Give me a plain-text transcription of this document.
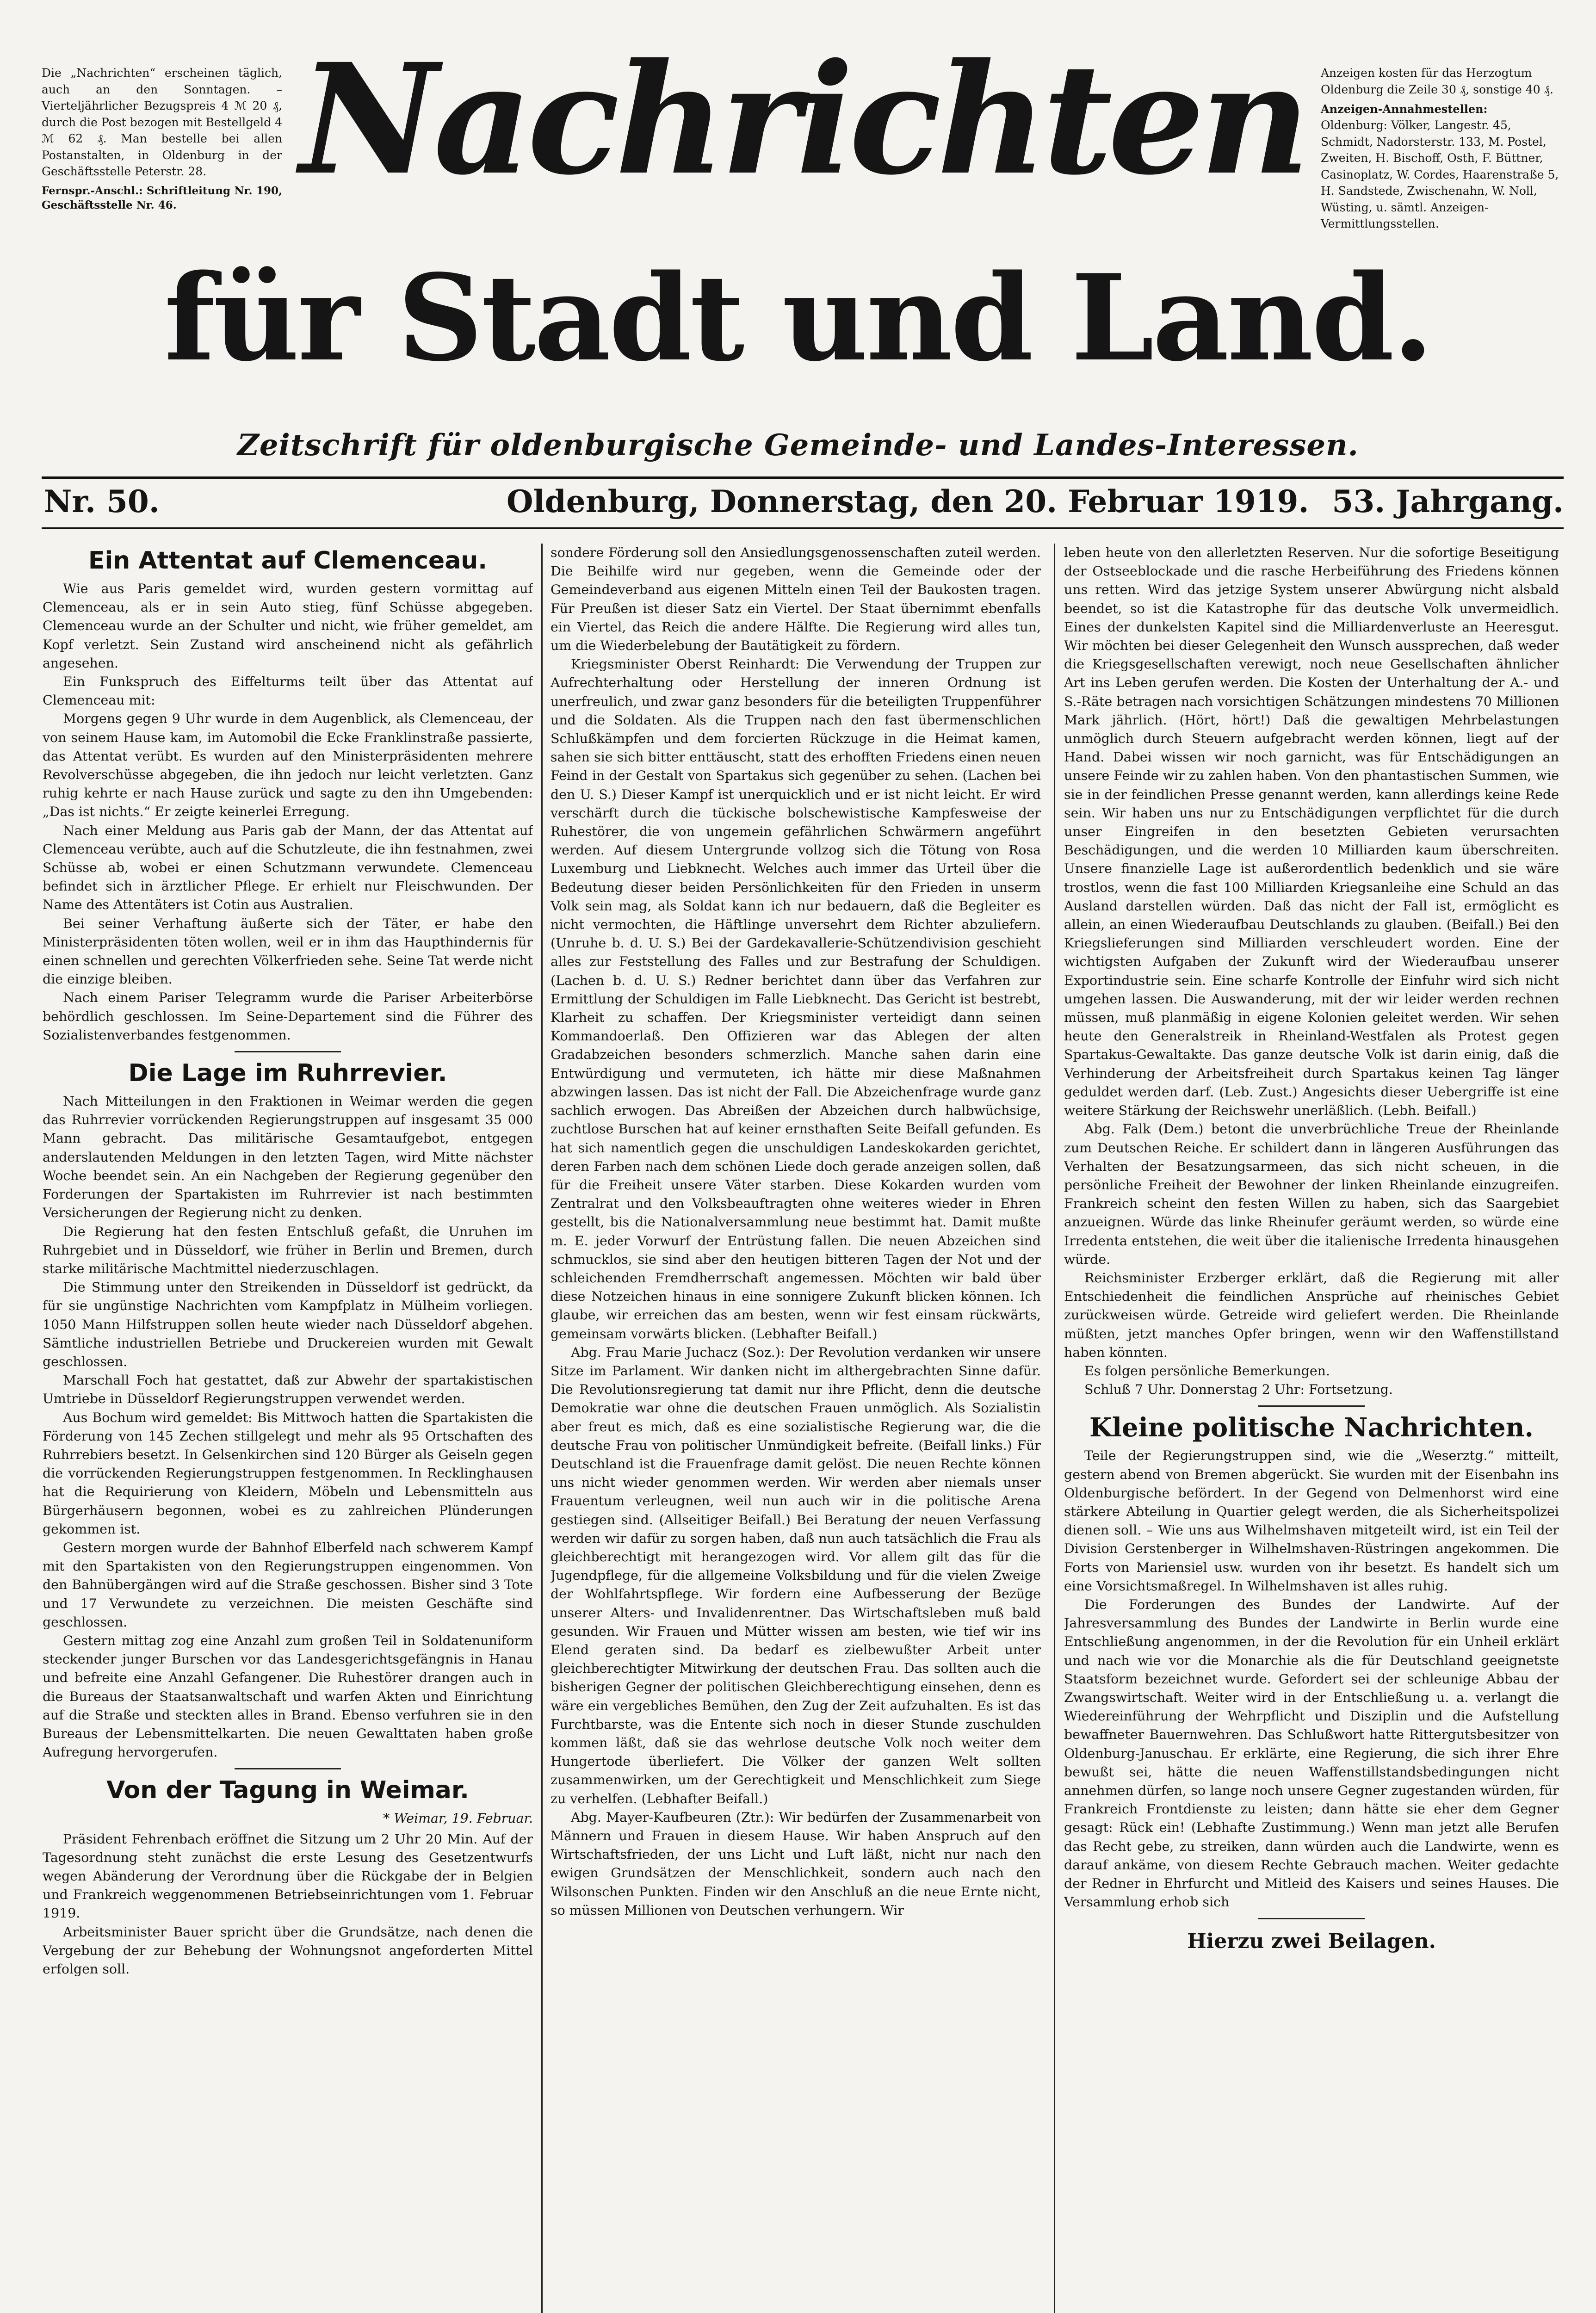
Die „Nachrichten“ erscheinen täglich, auch an den Sonntagen. – Vierteljährlicher Bezugspreis 4 ℳ 20 ₰, durch die Post bezogen mit Bestellgeld 4 ℳ 62 ₰. Man bestelle bei allen Postanstalten, in Oldenburg in der Geschäftsstelle Peterstr. 28.
Fernspr.-Anschl.: Schriftleitung Nr. 190, Geschäftsstelle Nr. 46. Nachrichten
für Stadt und Land.
Anzeigen kosten für das Herzogtum Oldenburg die Zeile 30 ₰, sonstige 40 ₰.
Anzeigen-Annahmestellen:
Oldenburg: Völker, Langestr. 45, Schmidt, Nadorsterstr. 133, M. Postel, Zweiten, H. Bischoff, Osth, F. Büttner, Casinoplatz, W. Cordes, Haarenstraße 5, H. Sandstede, Zwischenahn, W. Noll, Wüsting, u. sämtl. Anzeigen-Vermittlungsstellen.
Zeitschrift für oldenburgische Gemeinde- und Landes-Interessen.
Nr. 50.	Oldenburg, Donnerstag, den 20. Februar 1919. 53. Jahrgang.
Ein Attentat auf Clemenceau.

Wie aus Paris gemeldet wird, wurden gestern vormittag auf Clemenceau, als er in sein Auto stieg, fünf Schüsse abgegeben. Clemenceau wurde an der Schulter und nicht, wie früher gemeldet, am Kopf verletzt. Sein Zustand wird anscheinend nicht als gefährlich angesehen.

Ein Funkspruch des Eiffelturms teilt über das Attentat auf Clemenceau mit:

Morgens gegen 9 Uhr wurde in dem Augenblick, als Clemenceau, der von seinem Hause kam, im Automobil die Ecke Franklinstraße passierte, das Attentat verübt. Es wurden auf den Ministerpräsidenten mehrere Revolverschüsse abgegeben, die ihn jedoch nur leicht verletzten. Ganz ruhig kehrte er nach Hause zurück und sagte zu den ihn Umgebenden: „Das ist nichts.“ Er zeigte keinerlei Erregung.

Nach einer Meldung aus Paris gab der Mann, der das Attentat auf Clemenceau verübte, auch auf die Schutzleute, die ihn festnahmen, zwei Schüsse ab, wobei er einen Schutzmann verwundete. Clemenceau befindet sich in ärztlicher Pflege. Er erhielt nur Fleischwunden. Der Name des Attentäters ist Cotin aus Australien.

Bei seiner Verhaftung äußerte sich der Täter, er habe den Ministerpräsidenten töten wollen, weil er in ihm das Haupthindernis für einen schnellen und gerechten Völkerfrieden sehe. Seine Tat werde nicht die einzige bleiben.

Nach einem Pariser Telegramm wurde die Pariser Arbeiterbörse behördlich geschlossen. Im Seine-Departement sind die Führer des Sozialistenverbandes festgenommen.

Die Lage im Ruhrrevier.

Nach Mitteilungen in den Fraktionen in Weimar werden die gegen das Ruhrrevier vorrückenden Regierungstruppen auf insgesamt 35 000 Mann gebracht. Das militärische Gesamtaufgebot, entgegen anderslautenden Meldungen in den letzten Tagen, wird Mitte nächster Woche beendet sein. An ein Nachgeben der Regierung gegenüber den Forderungen der Spartakisten im Ruhrrevier ist nach bestimmten Versicherungen der Regierung nicht zu denken.

Die Regierung hat den festen Entschluß gefaßt, die Unruhen im Ruhrgebiet und in Düsseldorf, wie früher in Berlin und Bremen, durch starke militärische Machtmittel niederzuschlagen.

Die Stimmung unter den Streikenden in Düsseldorf ist gedrückt, da für sie ungünstige Nachrichten vom Kampfplatz in Mülheim vorliegen. 1050 Mann Hilfstruppen sollen heute wieder nach Düsseldorf abgehen. Sämtliche industriellen Betriebe und Druckereien wurden mit Gewalt geschlossen.

Marschall Foch hat gestattet, daß zur Abwehr der spartakistischen Umtriebe in Düsseldorf Regierungstruppen verwendet werden.

Aus Bochum wird gemeldet: Bis Mittwoch hatten die Spartakisten die Förderung von 145 Zechen stillgelegt und mehr als 95 Ortschaften des Ruhrrebiers besetzt. In Gelsenkirchen sind 120 Bürger als Geiseln gegen die vorrückenden Regierungstruppen festgenommen. In Recklinghausen hat die Requirierung von Kleidern, Möbeln und Lebensmitteln aus Bürgerhäusern begonnen, wobei es zu zahlreichen Plünderungen gekommen ist.

Gestern morgen wurde der Bahnhof Elberfeld nach schwerem Kampf mit den Spartakisten von den Regierungstruppen eingenommen. Von den Bahnübergängen wird auf die Straße geschossen. Bisher sind 3 Tote und 17 Verwundete zu verzeichnen. Die meisten Geschäfte sind geschlossen.

Gestern mittag zog eine Anzahl zum großen Teil in Soldatenuniform steckender junger Burschen vor das Landesgerichtsgefängnis in Hanau und befreite eine Anzahl Gefangener. Die Ruhestörer drangen auch in die Bureaus der Staatsanwaltschaft und warfen Akten und Einrichtung auf die Straße und steckten alles in Brand. Ebenso verfuhren sie in den Bureaus der Lebensmittelkarten. Die neuen Gewalttaten haben große Aufregung hervorgerufen.

Von der Tagung in Weimar.
* Weimar, 19. Februar.

Präsident Fehrenbach eröffnet die Sitzung um 2 Uhr 20 Min. Auf der Tagesordnung steht zunächst die erste Lesung des Gesetzentwurfs wegen Abänderung der Verordnung über die Rückgabe der in Belgien und Frankreich weggenommenen Betriebseinrichtungen vom 1. Februar 1919.

Arbeitsminister Bauer spricht über die Grundsätze, nach denen die Vergebung der zur Behebung der Wohnungsnot angeforderten Mittel erfolgen soll.

sondere Förderung soll den Ansiedlungsgenossenschaften zuteil werden. Die Beihilfe wird nur gegeben, wenn die Gemeinde oder der Gemeindeverband aus eigenen Mitteln einen Teil der Baukosten tragen. Für Preußen ist dieser Satz ein Viertel. Der Staat übernimmt ebenfalls ein Viertel, das Reich die andere Hälfte. Die Regierung wird alles tun, um die Wiederbelebung der Bautätigkeit zu fördern.

Kriegsminister Oberst Reinhardt: Die Verwendung der Truppen zur Aufrechterhaltung oder Herstellung der inneren Ordnung ist unerfreulich, und zwar ganz besonders für die beteiligten Truppenführer und die Soldaten. Als die Truppen nach den fast übermenschlichen Schlußkämpfen und dem forcierten Rückzuge in die Heimat kamen, sahen sie sich bitter enttäuscht, statt des erhofften Friedens einen neuen Feind in der Gestalt von Spartakus sich gegenüber zu sehen. (Lachen bei den U. S.) Dieser Kampf ist unerquicklich und er ist nicht leicht. Er wird verschärft durch die tückische bolschewistische Kampfesweise der Ruhestörer, die von ungemein gefährlichen Schwärmern angeführt werden. Auf diesem Untergrunde vollzog sich die Tötung von Rosa Luxemburg und Liebknecht. Welches auch immer das Urteil über die Bedeutung dieser beiden Persönlichkeiten für den Frieden in unserm Volk sein mag, als Soldat kann ich nur bedauern, daß die Begleiter es nicht vermochten, die Häftlinge unversehrt dem Richter abzuliefern. (Unruhe b. d. U. S.) Bei der Gardekavallerie-Schützendivision geschieht alles zur Feststellung des Falles und zur Bestrafung der Schuldigen. (Lachen b. d. U. S.) Redner berichtet dann über das Verfahren zur Ermittlung der Schuldigen im Falle Liebknecht. Das Gericht ist bestrebt, Klarheit zu schaffen. Der Kriegsminister verteidigt dann seinen Kommandoerlaß. Den Offizieren war das Ablegen der alten Gradabzeichen besonders schmerzlich. Manche sahen darin eine Entwürdigung und vermuteten, ich hätte mir diese Maßnahmen abzwingen lassen. Das ist nicht der Fall. Die Abzeichenfrage wurde ganz sachlich erwogen. Das Abreißen der Abzeichen durch halbwüchsige, zuchtlose Burschen hat auf keiner ernsthaften Seite Beifall gefunden. Es hat sich namentlich gegen die unschuldigen Landeskokarden gerichtet, deren Farben nach dem schönen Liede doch gerade anzeigen sollen, daß für die Freiheit unsere Väter starben. Diese Kokarden wurden vom Zentralrat und den Volksbeauftragten ohne weiteres wieder in Ehren gestellt, bis die Nationalversammlung neue bestimmt hat. Damit mußte m. E. jeder Vorwurf der Entrüstung fallen. Die neuen Abzeichen sind schmucklos, sie sind aber den heutigen bitteren Tagen der Not und der schleichenden Fremdherrschaft angemessen. Möchten wir bald über diese Notzeichen hinaus in eine sonnigere Zukunft blicken können. Ich glaube, wir erreichen das am besten, wenn wir fest einsam rückwärts, gemeinsam vorwärts blicken. (Lebhafter Beifall.)

Abg. Frau Marie Juchacz (Soz.): Der Revolution verdanken wir unsere Sitze im Parlament. Wir danken nicht im althergebrachten Sinne dafür. Die Revolutionsregierung tat damit nur ihre Pflicht, denn die deutsche Demokratie war ohne die deutschen Frauen unmöglich. Als Sozialistin aber freut es mich, daß es eine sozialistische Regierung war, die die deutsche Frau von politischer Unmündigkeit befreite. (Beifall links.) Für Deutschland ist die Frauenfrage damit gelöst. Die neuen Rechte können uns nicht wieder genommen werden. Wir werden aber niemals unser Frauentum verleugnen, weil nun auch wir in die politische Arena gestiegen sind. (Allseitiger Beifall.) Bei Beratung der neuen Verfassung werden wir dafür zu sorgen haben, daß nun auch tatsächlich die Frau als gleichberechtigt mit herangezogen wird. Vor allem gilt das für die Jugendpflege, für die allgemeine Volksbildung und für die vielen Zweige der Wohlfahrtspflege. Wir fordern eine Aufbesserung der Bezüge unserer Alters- und Invalidenrentner. Das Wirtschaftsleben muß bald gesunden. Wir Frauen und Mütter wissen am besten, wie tief wir ins Elend geraten sind. Da bedarf es zielbewußter Arbeit unter gleichberechtigter Mitwirkung der deutschen Frau. Das sollten auch die bisherigen Gegner der politischen Gleichberechtigung einsehen, denn es wäre ein vergebliches Bemühen, den Zug der Zeit aufzuhalten. Es ist das Furchtbarste, was die Entente sich noch in dieser Stunde zuschulden kommen läßt, daß sie das wehrlose deutsche Volk noch weiter dem Hungertode überliefert. Die Völker der ganzen Welt sollten zusammenwirken, um der Gerechtigkeit und Menschlichkeit zum Siege zu verhelfen. (Lebhafter Beifall.)

Abg. Mayer-Kaufbeuren (Ztr.): Wir bedürfen der Zusammenarbeit von Männern und Frauen in diesem Hause. Wir haben Anspruch auf den Wirtschaftsfrieden, der uns Licht und Luft läßt, nicht nur nach den ewigen Grundsätzen der Menschlichkeit, sondern auch nach den Wilsonschen Punkten. Finden wir den Anschluß an die neue Ernte nicht, so müssen Millionen von Deutschen verhungern. Wir

leben heute von den allerletzten Reserven. Nur die sofortige Beseitigung der Ostseeblockade und die rasche Herbeiführung des Friedens können uns retten. Wird das jetzige System unserer Abwürgung nicht alsbald beendet, so ist die Katastrophe für das deutsche Volk unvermeidlich. Eines der dunkelsten Kapitel sind die Milliardenverluste an Heeresgut. Wir möchten bei dieser Gelegenheit den Wunsch aussprechen, daß weder die Kriegsgesellschaften verewigt, noch neue Gesellschaften ähnlicher Art ins Leben gerufen werden. Die Kosten der Unterhaltung der A.- und S.-Räte betragen nach vorsichtigen Schätzungen mindestens 70 Millionen Mark jährlich. (Hört, hört!) Daß die gewaltigen Mehrbelastungen unmöglich durch Steuern aufgebracht werden können, liegt auf der Hand. Dabei wissen wir noch garnicht, was für Entschädigungen an unsere Feinde wir zu zahlen haben. Von den phantastischen Summen, wie sie in der feindlichen Presse genannt werden, kann allerdings keine Rede sein. Wir haben uns nur zu Entschädigungen verpflichtet für die durch unser Eingreifen in den besetzten Gebieten verursachten Beschädigungen, und die werden 10 Milliarden kaum überschreiten. Unsere finanzielle Lage ist außerordentlich bedenklich und sie wäre trostlos, wenn die fast 100 Milliarden Kriegsanleihe eine Schuld an das Ausland darstellen würden. Daß das nicht der Fall ist, ermöglicht es allein, an einen Wiederaufbau Deutschlands zu glauben. (Beifall.) Bei den Kriegslieferungen sind Milliarden verschleudert worden. Eine der wichtigsten Aufgaben der Zukunft wird der Wiederaufbau unserer Exportindustrie sein. Eine scharfe Kontrolle der Einfuhr wird sich nicht umgehen lassen. Die Auswanderung, mit der wir leider werden rechnen müssen, muß planmäßig in eigene Kolonien geleitet werden. Wir sehen heute den Generalstreik in Rheinland-Westfalen als Protest gegen Spartakus-Gewaltakte. Das ganze deutsche Volk ist darin einig, daß die Verhinderung der Arbeitsfreiheit durch Spartakus keinen Tag länger geduldet werden darf. (Leb. Zust.) Angesichts dieser Uebergriffe ist eine weitere Stärkung der Reichswehr unerläßlich. (Lebh. Beifall.)

Abg. Falk (Dem.) betont die unverbrüchliche Treue der Rheinlande zum Deutschen Reiche. Er schildert dann in längeren Ausführungen das Verhalten der Besatzungsarmeen, das sich nicht scheuen, in die persönliche Freiheit der Bewohner der linken Rheinlande einzugreifen. Frankreich scheint den festen Willen zu haben, sich das Saargebiet anzueignen. Würde das linke Rheinufer geräumt werden, so würde eine Irredenta entstehen, die weit über die italienische Irredenta hinausgehen würde.

Reichsminister Erzberger erklärt, daß die Regierung mit aller Entschiedenheit die feindlichen Ansprüche auf rheinisches Gebiet zurückweisen würde. Getreide wird geliefert werden. Die Rheinlande müßten, jetzt manches Opfer bringen, wenn wir den Waffenstillstand haben könnten.

Es folgen persönliche Bemerkungen.

Schluß 7 Uhr. Donnerstag 2 Uhr: Fortsetzung.

Kleine politische Nachrichten.

Teile der Regierungstruppen sind, wie die „Weserztg.“ mitteilt, gestern abend von Bremen abgerückt. Sie wurden mit der Eisenbahn ins Oldenburgische befördert. In der Gegend von Delmenhorst wird eine stärkere Abteilung in Quartier gelegt werden, die als Sicherheitspolizei dienen soll. – Wie uns aus Wilhelmshaven mitgeteilt wird, ist ein Teil der Division Gerstenberger in Wilhelmshaven-Rüstringen angekommen. Die Forts von Mariensiel usw. wurden von ihr besetzt. Es handelt sich um eine Vorsichtsmaßregel. In Wilhelmshaven ist alles ruhig.

Die Forderungen des Bundes der Landwirte. Auf der Jahresversammlung des Bundes der Landwirte in Berlin wurde eine Entschließung angenommen, in der die Revolution für ein Unheil erklärt und nach wie vor die Monarchie als die für Deutschland geeignetste Staatsform bezeichnet wurde. Gefordert sei der schleunige Abbau der Zwangswirtschaft. Weiter wird in der Entschließung u. a. verlangt die Wiedereinführung der Wehrpflicht und Disziplin und die Aufstellung bewaffneter Bauernwehren. Das Schlußwort hatte Rittergutsbesitzer von Oldenburg-Januschau. Er erklärte, eine Regierung, die sich ihrer Ehre bewußt sei, hätte die neuen Waffenstillstandsbedingungen nicht annehmen dürfen, so lange noch unsere Gegner zugestanden würden, für Frankreich Frontdienste zu leisten; dann hätte sie eher dem Gegner gesagt: Rück ein! (Lebhafte Zustimmung.) Wenn man jetzt alle Berufen das Recht gebe, zu streiken, dann würden auch die Landwirte, wenn es darauf ankäme, von diesem Rechte Gebrauch machen. Weiter gedachte der Redner in Ehrfurcht und Mitleid des Kaisers und seines Hauses. Die Versammlung erhob sich

Hierzu zwei Beilagen.
